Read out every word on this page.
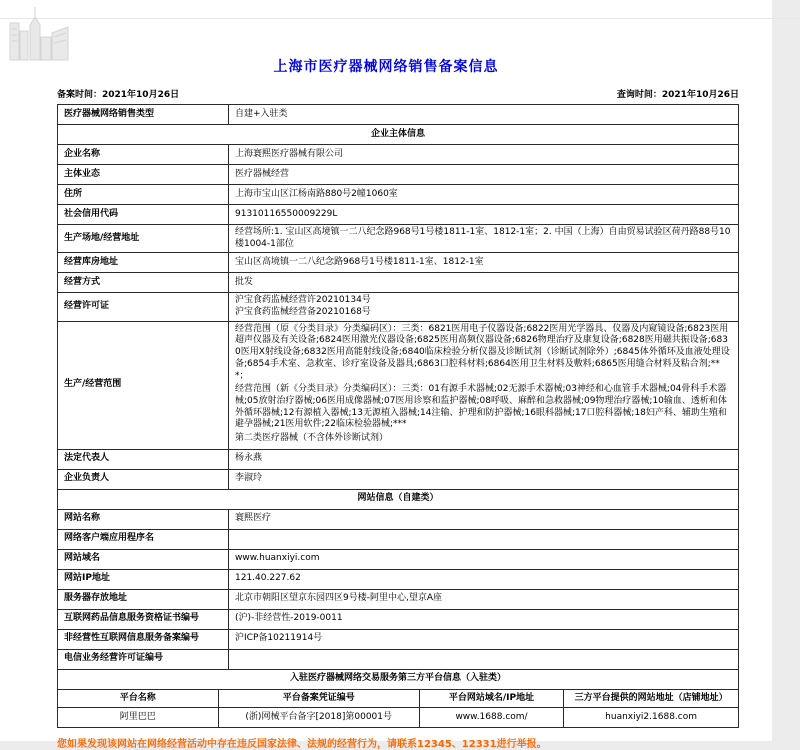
上海市医疗器械网络销售备案信息
备案时间：2021年10月26日	查询时间：2021年10月26日
医疗器械网络销售类型	自建+入驻类
企业主体信息	
企业名称	上海寰熙医疗器械有限公司
主体业态	医疗器械经营
住所	上海市宝山区江杨南路880号2幢1060室
社会信用代码	91310116550009229L
生产场地/经营地址	经营场所:1. 宝山区高境镇一二八纪念路968号1号楼1811-1室、1812-1室；2. 中国（上海）自由贸易试验区荷丹路88号10楼1004-1部位
经营库房地址	宝山区高境镇一二八纪念路968号1号楼1811-1室、1812-1室
经营方式	批发
经营许可证	沪宝食药监械经营许20210134号
沪宝食药监械经营备20210168号

生产/经营范围	经营范围（原《分类目录》分类编码区）：三类：6821医用电子仪器设备;6822医用光学器具、仪器及内窥镜设备;6823医用超声仪器及有关设备;6824医用激光仪器设备;6825医用高频仪器设备;6826物理治疗及康复设备;6828医用磁共振设备;6830医用X射线设备;6832医用高能射线设备;6840临床检验分析仪器及诊断试剂（诊断试剂除外）;6845体外循环及血液处理设备;6854手术室、急救室、诊疗室设备及器具;6863口腔科材料;6864医用卫生材料及敷料;6865医用缝合材料及粘合剂;***；

经营范围（新《分类目录》分类编码区）：三类：01有源手术器械;02无源手术器械;03神经和心血管手术器械;04骨科手术器械;05放射治疗器械;06医用成像器械;07医用诊察和监护器械;08呼吸、麻醉和急救器械;09物理治疗器械;10输血、透析和体外循环器械;12有源植入器械;13无源植入器械;14注输、护理和防护器械;16眼科器械;17口腔科器械;18妇产科、辅助生殖和避孕器械;21医用软件;22临床检验器械;***

第二类医疗器械（不含体外诊断试剂）

法定代表人	杨永燕
企业负责人	李淑玲
网站信息（自建类）	
网站名称	寰熙医疗
网络客户端应用程序名	
网站域名	www.huanxiyi.com
网站IP地址	121.40.227.62
服务器存放地址	北京市朝阳区望京东园四区9号楼-阿里中心,望京A座
互联网药品信息服务资格证书编号	(沪)-非经营性-2019-0011
非经营性互联网信息服务备案编号	沪ICP备10211914号
电信业务经营许可证编号	
入驻医疗器械网络交易服务第三方平台信息（入驻类）	
平台名称	平台备案凭证编号	平台网站域名/IP地址	三方平台提供的网站地址（店铺地址）
阿里巴巴	(浙)网械平台备字[2018]第00001号	www.1688.com/	huanxiyi2.1688.com
您如果发现该网站在网络经营活动中存在违反国家法律、法规的经营行为，请联系12345、12331进行举报。
